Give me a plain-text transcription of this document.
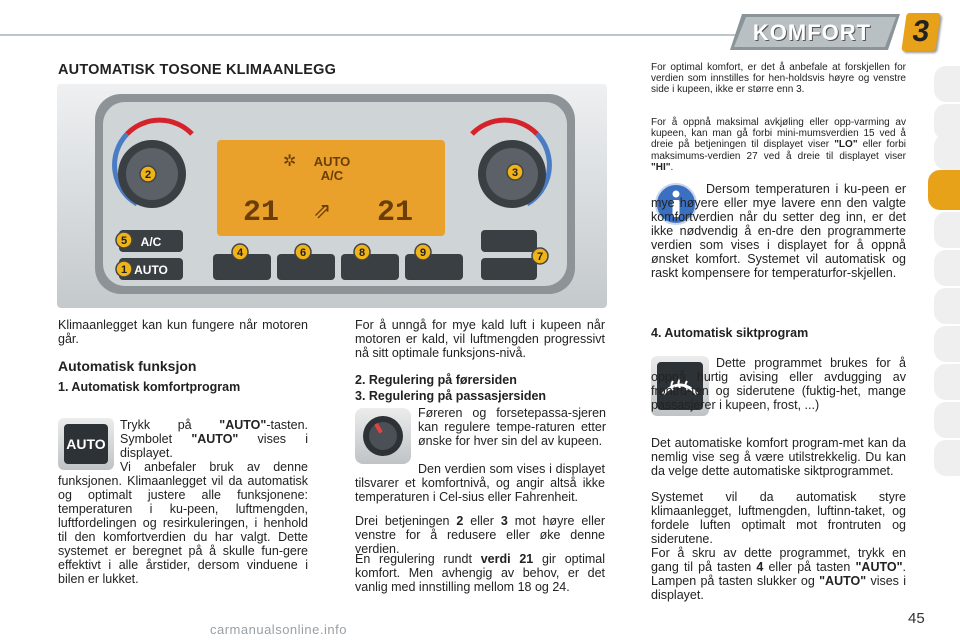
KOMFORT	3
AUTOMATISK TOSONE KLIMAANLEGG
AUTO
A/C
21	21
⇗
✲
A/C
AUTO
2	3
5
1
4	6	8	9	7

Klimaanlegget kan kun fungere når motoren går.

Automatisk funksjon
1. Automatisk komfortprogram
AUTO

Trykk på "AUTO"-tasten. Symbolet "AUTO" vises i displayet.

Vi anbefaler bruk av denne funksjonen. Klimaanlegget vil da automatisk og optimalt justere alle funksjonene: temperaturen i ku-peen, luftmengden, luftfordelingen og resirkuleringen, i henhold til den komfortverdien du har valgt. Dette systemet er beregnet på å skulle fun-gere effektivt i alle årstider, dersom vinduene i bilen er lukket.

For å unngå for mye kald luft i kupeen når motoren er kald, vil luftmengden progressivt nå sitt optimale funksjons-nivå.

2. Regulering på førersiden
3. Regulering på passasjersiden

Føreren og forsetepassa-sjeren kan regulere tempe-raturen etter ønske for hver sin del av kupeen.

Den verdien som vises i displayet tilsvarer et komfortnivå, og angir altså ikke temperaturen i Cel-sius eller Fahrenheit.

Drei betjeningen 2 eller 3 mot høyre eller venstre for å redusere eller øke denne verdien.

En regulering rundt verdi 21 gir optimal komfort. Men avhengig av behov, er det vanlig med innstilling mellom 18 og 24.

For optimal komfort, er det å anbefale at forskjellen for verdien som innstilles for hen-holdsvis høyre og venstre side i kupeen, ikke er større enn 3.

For å oppnå maksimal avkjøling eller opp-varming av kupeen, kan man gå forbi mini-mumsverdien 15 ved å dreie på betjeningen til displayet viser "LO" eller forbi maksimums-verdien 27 ved å dreie til displayet viser "HI".

Dersom temperaturen i ku-peen er mye høyere eller mye lavere enn den valgte komfortverdien når du setter deg inn, er det ikke nødvendig å en-dre den programmerte verdien som vises i displayet for å oppnå ønsket komfort. Systemet vil automatisk og raskt kompensere for temperaturfor-skjellen.

4. Automatisk siktprogram

Dette programmet brukes for å oppnå hurtig avising eller avdugging av frontru-ten og siderutene (fuktig-het, mange passasjerer i kupeen, frost, ...)

Det automatiske komfort program-met kan da nemlig vise seg å være utilstrekkelig. Du kan da velge dette automatiske siktprogrammet.

Systemet vil da automatisk styre klimaanlegget, luftmengden, luftinn-taket, og fordele luften optimalt mot frontruten og siderutene.

For å skru av dette programmet, trykk en gang til på tasten 4 eller på tasten "AUTO". Lampen på tasten slukker og "AUTO" vises i displayet.

45
carmanualsonline.info
